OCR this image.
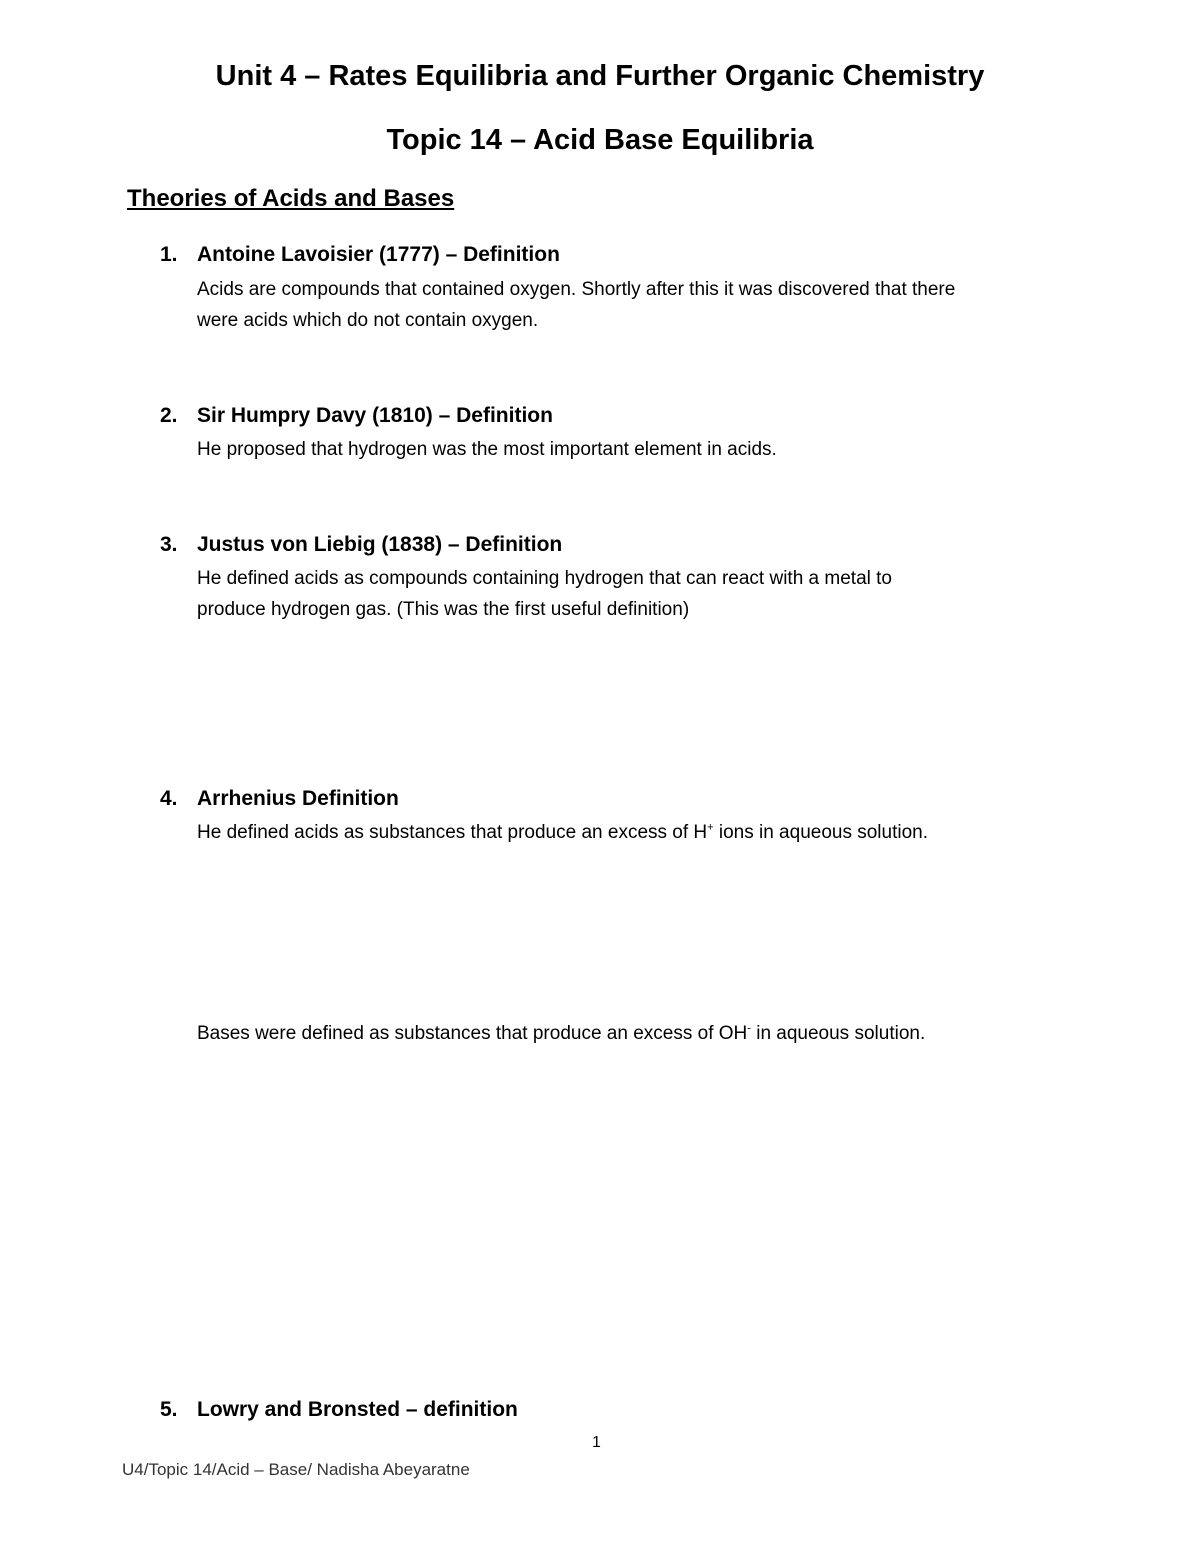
Unit 4 – Rates Equilibria and Further Organic Chemistry
Topic 14 – Acid Base Equilibria
Theories of Acids and Bases
1. Antoine Lavoisier (1777) – Definition
Acids are compounds that contained oxygen. Shortly after this it was discovered that there
were acids which do not contain oxygen.
2. Sir Humpry Davy (1810) – Definition
He proposed that hydrogen was the most important element in acids.
3. Justus von Liebig (1838) – Definition
He defined acids as compounds containing hydrogen that can react with a metal to
produce hydrogen gas. (This was the first useful definition)
4. Arrhenius Definition
He defined acids as substances that produce an excess of H+ ions in aqueous solution.
Bases were defined as substances that produce an excess of OH- in aqueous solution.
5. Lowry and Bronsted – definition
1
U4/Topic 14/Acid – Base/ Nadisha Abeyaratne
